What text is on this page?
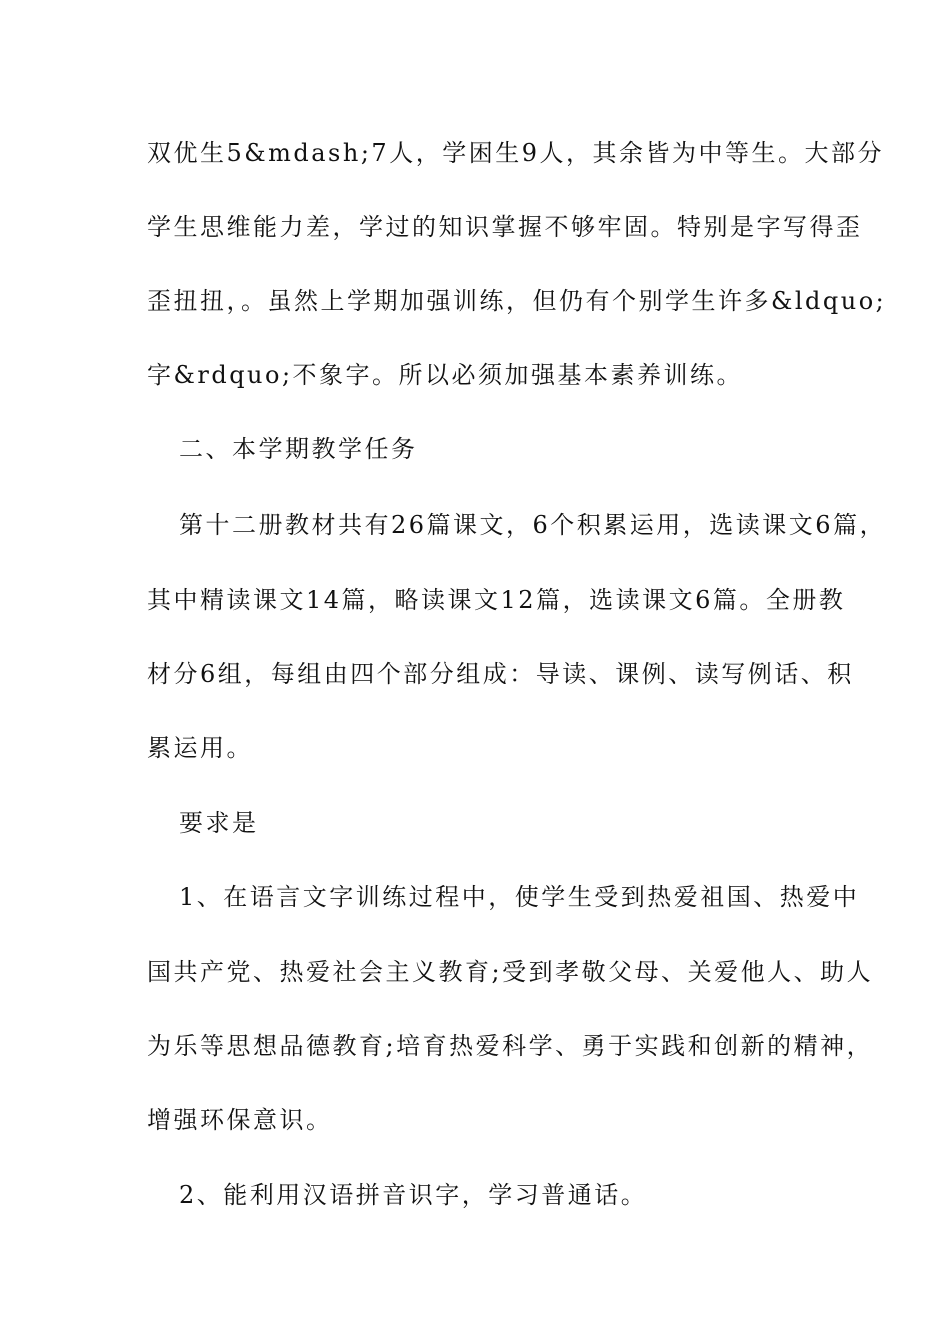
双优生5&mdash;7人，学困生9人，其余皆为中等生。大部分

学生思维能力差，学过的知识掌握不够牢固。特别是字写得歪

歪扭扭，。虽然上学期加强训练，但仍有个别学生许多&ldquo;

字&rdquo;不象字。所以必须加强基本素养训练。

二、本学期教学任务

第十二册教材共有26篇课文，6个积累运用，选读课文6篇，

其中精读课文14篇，略读课文12篇，选读课文6篇。全册教

材分6组，每组由四个部分组成：导读、课例、读写例话、积

累运用。

要求是

1、在语言文字训练过程中，使学生受到热爱祖国、热爱中

国共产党、热爱社会主义教育;受到孝敬父母、关爱他人、助人

为乐等思想品德教育;培育热爱科学、勇于实践和创新的精神，

增强环保意识。

2、能利用汉语拼音识字，学习普通话。
